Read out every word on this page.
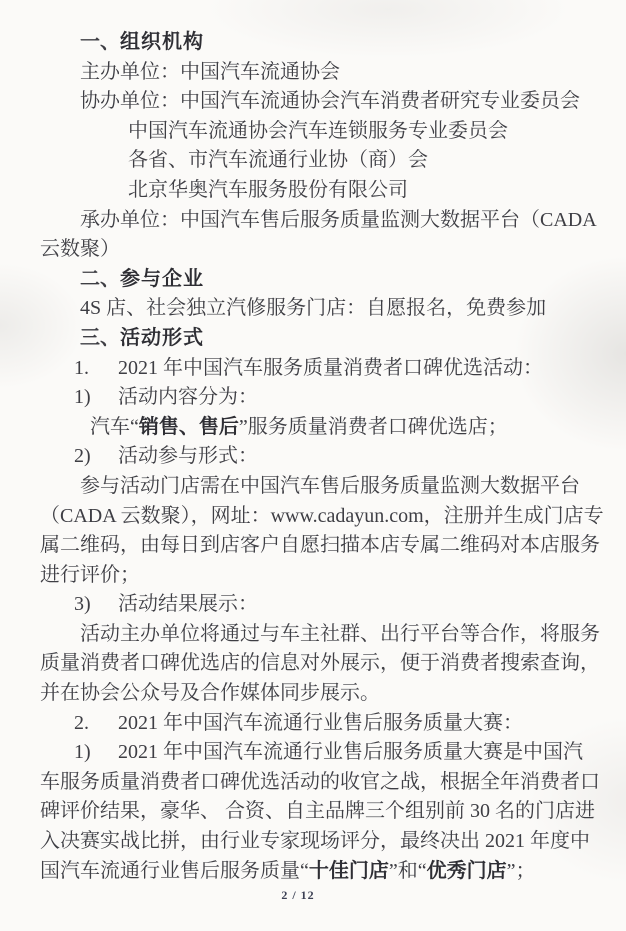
一、组织机构
主办单位：中国汽车流通协会
协办单位：中国汽车流通协会汽车消费者研究专业委员会
中国汽车流通协会汽车连锁服务专业委员会
各省、市汽车流通行业协（商）会
北京华奥汽车服务股份有限公司
承办单位：中国汽车售后服务质量监测大数据平台（CADA
云数聚）
二、参与企业
4S 店、社会独立汽修服务门店：自愿报名，免费参加
三、活动形式
1. 2021 年中国汽车服务质量消费者口碑优选活动：
1) 活动内容分为：
汽车“销售、售后”服务质量消费者口碑优选店；
2) 活动参与形式：
参与活动门店需在中国汽车售后服务质量监测大数据平台
（CADA 云数聚），网址：www.cadayun.com，注册并生成门店专
属二维码，由每日到店客户自愿扫描本店专属二维码对本店服务
进行评价；
3) 活动结果展示：
活动主办单位将通过与车主社群、出行平台等合作，将服务
质量消费者口碑优选店的信息对外展示，便于消费者搜索查询，
并在协会公众号及合作媒体同步展示。
2. 2021 年中国汽车流通行业售后服务质量大赛：
1) 2021 年中国汽车流通行业售后服务质量大赛是中国汽
车服务质量消费者口碑优选活动的收官之战，根据全年消费者口
碑评价结果，豪华、 合资、自主品牌三个组别前 30 名的门店进
入决赛实战比拼，由行业专家现场评分，最终决出 2021 年度中
国汽车流通行业售后服务质量“十佳门店”和“优秀门店”；
2 / 12
